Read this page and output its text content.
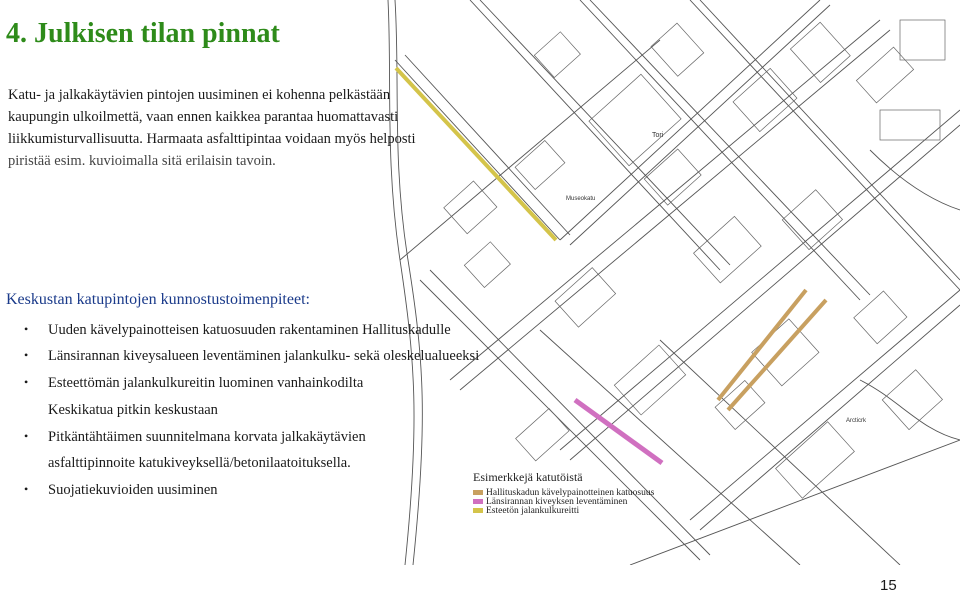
Tori
Museokatu
Arcticrk
4. Julkisen tilan pinnat
Katu- ja jalkakäytävien pintojen uusiminen ei kohenna pelkästään
kaupungin ulkoilmettä, vaan ennen kaikkea parantaa huomattavasti
liikkumisturvallisuutta. Harmaata asfalttipintaa voidaan myös helposti
piristää esim. kuvioimalla sitä erilaisin tavoin.
Keskustan katupintojen kunnostustoimenpiteet:
• Uuden kävelypainotteisen katuosuuden rakentaminen Hallituskadulle
• Länsirannan kiveysalueen leventäminen jalankulku- sekä oleskelualueeksi
• Esteettömän jalankulkureitin luominen vanhainkodilta
Keskikatua pitkin keskustaan
• Pitkäntähtäimen suunnitelmana korvata jalkakäytävien
asfalttipinnoite katukiveyksellä/betonilaatoituksella.
• Suojatiekuvioiden uusiminen
Esimerkkejä katutöistä
Hallituskadun kävelypainotteinen katuosuus
Länsirannan kiveyksen leventäminen
Esteetön jalankulkureitti
15
